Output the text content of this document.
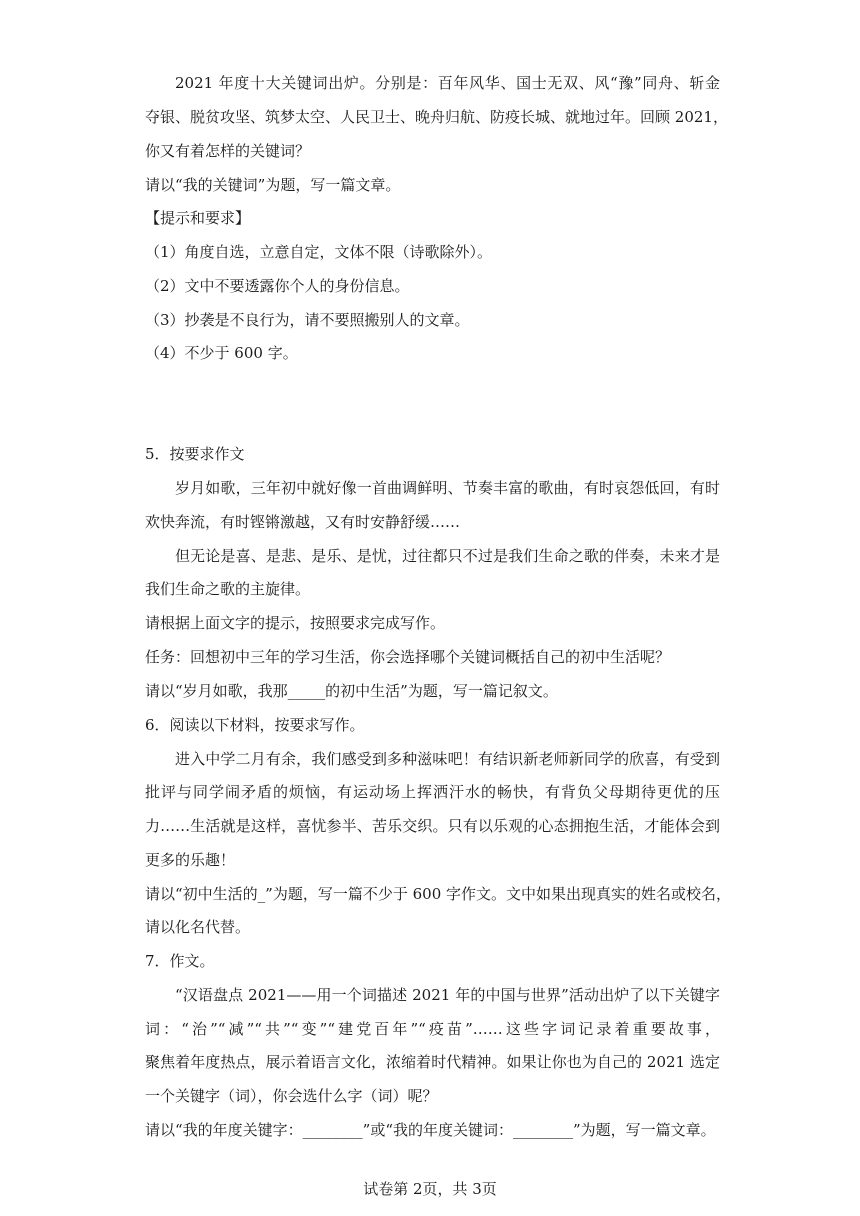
2021 年度十大关键词出炉。分别是：百年风华、国士无双、风“豫”同舟、斩金
夺银、脱贫攻坚、筑梦太空、人民卫士、晚舟归航、防疫长城、就地过年。回顾 2021，
你又有着怎样的关键词？
请以“我的关键词”为题，写一篇文章。
【提示和要求】
（1）角度自选，立意自定，文体不限（诗歌除外）。
（2）文中不要透露你个人的身份信息。
（3）抄袭是不良行为，请不要照搬别人的文章。
（4）不少于 600 字。
5．按要求作文
岁月如歌，三年初中就好像一首曲调鲜明、节奏丰富的歌曲，有时哀怨低回，有时
欢快奔流，有时铿锵激越，又有时安静舒缓……
但无论是喜、是悲、是乐、是忧，过往都只不过是我们生命之歌的伴奏，未来才是
我们生命之歌的主旋律。
请根据上面文字的提示，按照要求完成写作。
任务：回想初中三年的学习生活，你会选择哪个关键词概括自己的初中生活呢？
请以“岁月如歌，我那_____的初中生活”为题，写一篇记叙文。
6．阅读以下材料，按要求写作。
进入中学二月有余，我们感受到多种滋味吧！有结识新老师新同学的欣喜，有受到
批评与同学闹矛盾的烦恼，有运动场上挥洒汗水的畅快，有背负父母期待更优的压
力……生活就是这样，喜忧参半、苦乐交织。只有以乐观的心态拥抱生活，才能体会到
更多的乐趣！
请以“初中生活的_”为题，写一篇不少于 600 字作文。文中如果出现真实的姓名或校名，
请以化名代替。
7．作文。
“汉语盘点 2021——用一个词描述 2021 年的中国与世界”活动出炉了以下关键字
词：“治”“减”“共”“变”“建党百年”“疫苗”……这些字词记录着重要故事，
聚焦着年度热点，展示着语言文化，浓缩着时代精神。如果让你也为自己的 2021 选定
一个关键字（词），你会选什么字（词）呢？
请以“我的年度关键字：________”或“我的年度关键词：________”为题，写一篇文章。
试卷第 2页，共 3页
